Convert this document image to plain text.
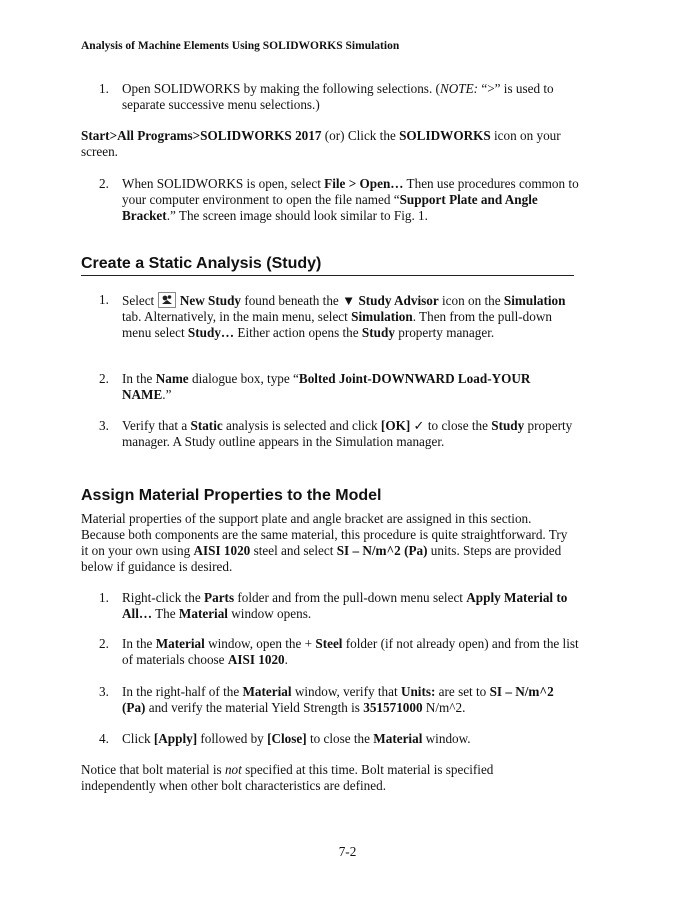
Analysis of Machine Elements Using SOLIDWORKS Simulation
1. Open SOLIDWORKS by making the following selections. (NOTE: “>” is used to separate successive menu selections.)
Start>All Programs>SOLIDWORKS 2017 (or) Click the SOLIDWORKS icon on your screen.
2. When SOLIDWORKS is open, select File > Open… Then use procedures common to your computer environment to open the file named “Support Plate and Angle Bracket.” The screen image should look similar to Fig. 1.
Create a Static Analysis (Study)
1. Select
New Study found beneath the ▼ Study Advisor icon on the Simulation tab. Alternatively, in the main menu, select Simulation. Then from the pull-down menu select Study… Either action opens the Study property manager.
2. In the Name dialogue box, type “Bolted Joint-DOWNWARD Load-YOUR NAME.”
3. Verify that a Static analysis is selected and click [OK] ✓ to close the Study property manager. A Study outline appears in the Simulation manager.
Assign Material Properties to the Model
Material properties of the support plate and angle bracket are assigned in this section. Because both components are the same material, this procedure is quite straightforward. Try it on your own using AISI 1020 steel and select SI – N/m^2 (Pa) units. Steps are provided below if guidance is desired.
1. Right-click the Parts folder and from the pull-down menu select Apply Material to All… The Material window opens.
2. In the Material window, open the + Steel folder (if not already open) and from the list of materials choose AISI 1020.
3. In the right-half of the Material window, verify that Units: are set to SI – N/m^2 (Pa) and verify the material Yield Strength is 351571000 N/m^2.
4. Click [Apply] followed by [Close] to close the Material window.
Notice that bolt material is not specified at this time. Bolt material is specified independently when other bolt characteristics are defined.
7-2
